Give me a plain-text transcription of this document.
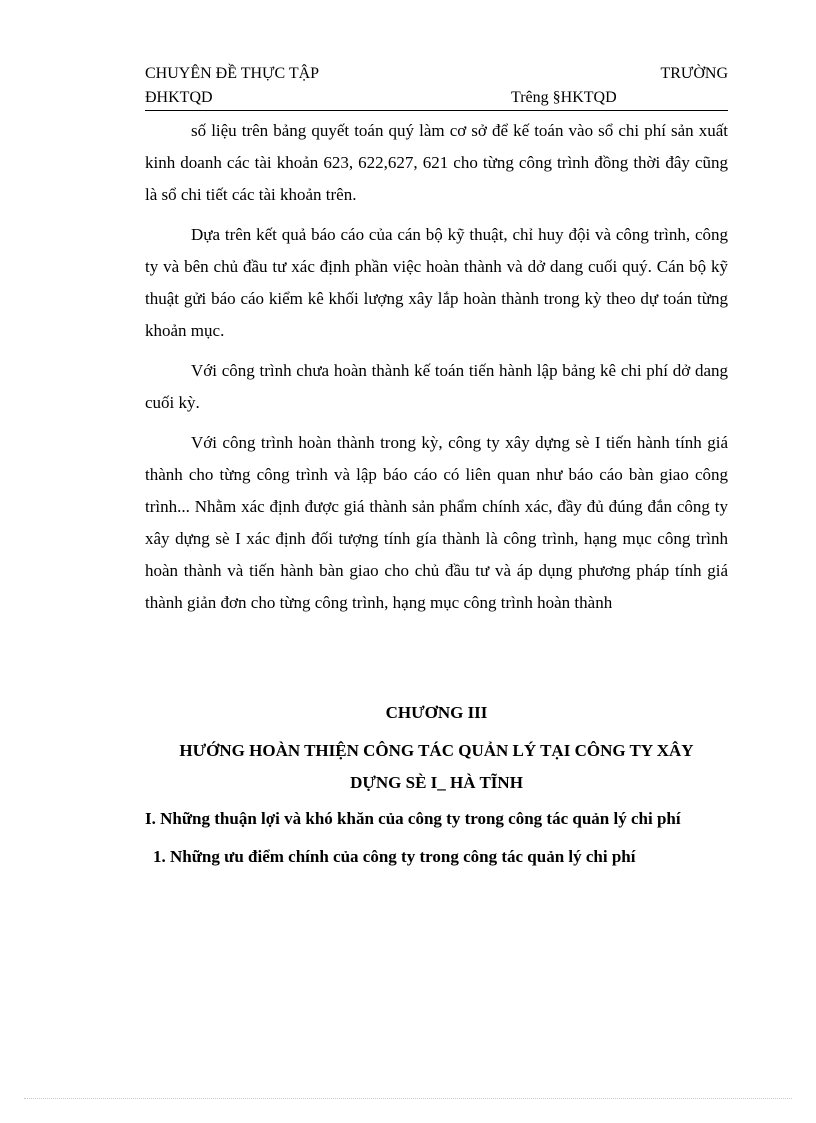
CHUYÊN ĐỀ THỰC TẬP	TRƯỜNG
ĐHKTQD	Trêng §HKTQD

số liệu trên bảng quyết toán quý làm cơ sở để kế toán vào sổ chi phí sản xuất kinh doanh các tài khoản 623, 622,627, 621 cho từng công trình đồng thời đây cũng là sổ chi tiết các tài khoản trên.

Dựa trên kết quả báo cáo của cán bộ kỹ thuật, chỉ huy đội và công trình, công ty và bên chủ đầu tư xác định phần việc hoàn thành và dở dang cuối quý. Cán bộ kỹ thuật gửi báo cáo kiểm kê khối lượng xây lắp hoàn thành trong kỳ theo dự toán từng khoản mục.

Với công trình chưa hoàn thành kế toán tiến hành lập bảng kê chi phí dở dang cuối kỳ.

Với công trình hoàn thành trong kỳ, công ty xây dựng sè I tiến hành tính giá thành cho từng công trình và lập báo cáo có liên quan như báo cáo bàn giao công trình... Nhằm xác định được giá thành sản phẩm chính xác, đầy đủ đúng đắn công ty xây dựng sè I xác định đối tượng tính gía thành là công trình, hạng mục công trình hoàn thành và tiến hành bàn giao cho chủ đầu tư và áp dụng phương pháp tính giá thành giản đơn cho từng công trình, hạng mục công trình hoàn thành

CHƯƠNG III
HƯỚNG HOÀN THIỆN CÔNG TÁC QUẢN LÝ TẠI CÔNG TY XÂY
DỰNG SÈ I_ HÀ TĨNH
I. Những thuận lợi và khó khăn của công ty trong công tác quản lý chi phí
1. Những ưu điểm chính của công ty trong công tác quản lý chi phí
